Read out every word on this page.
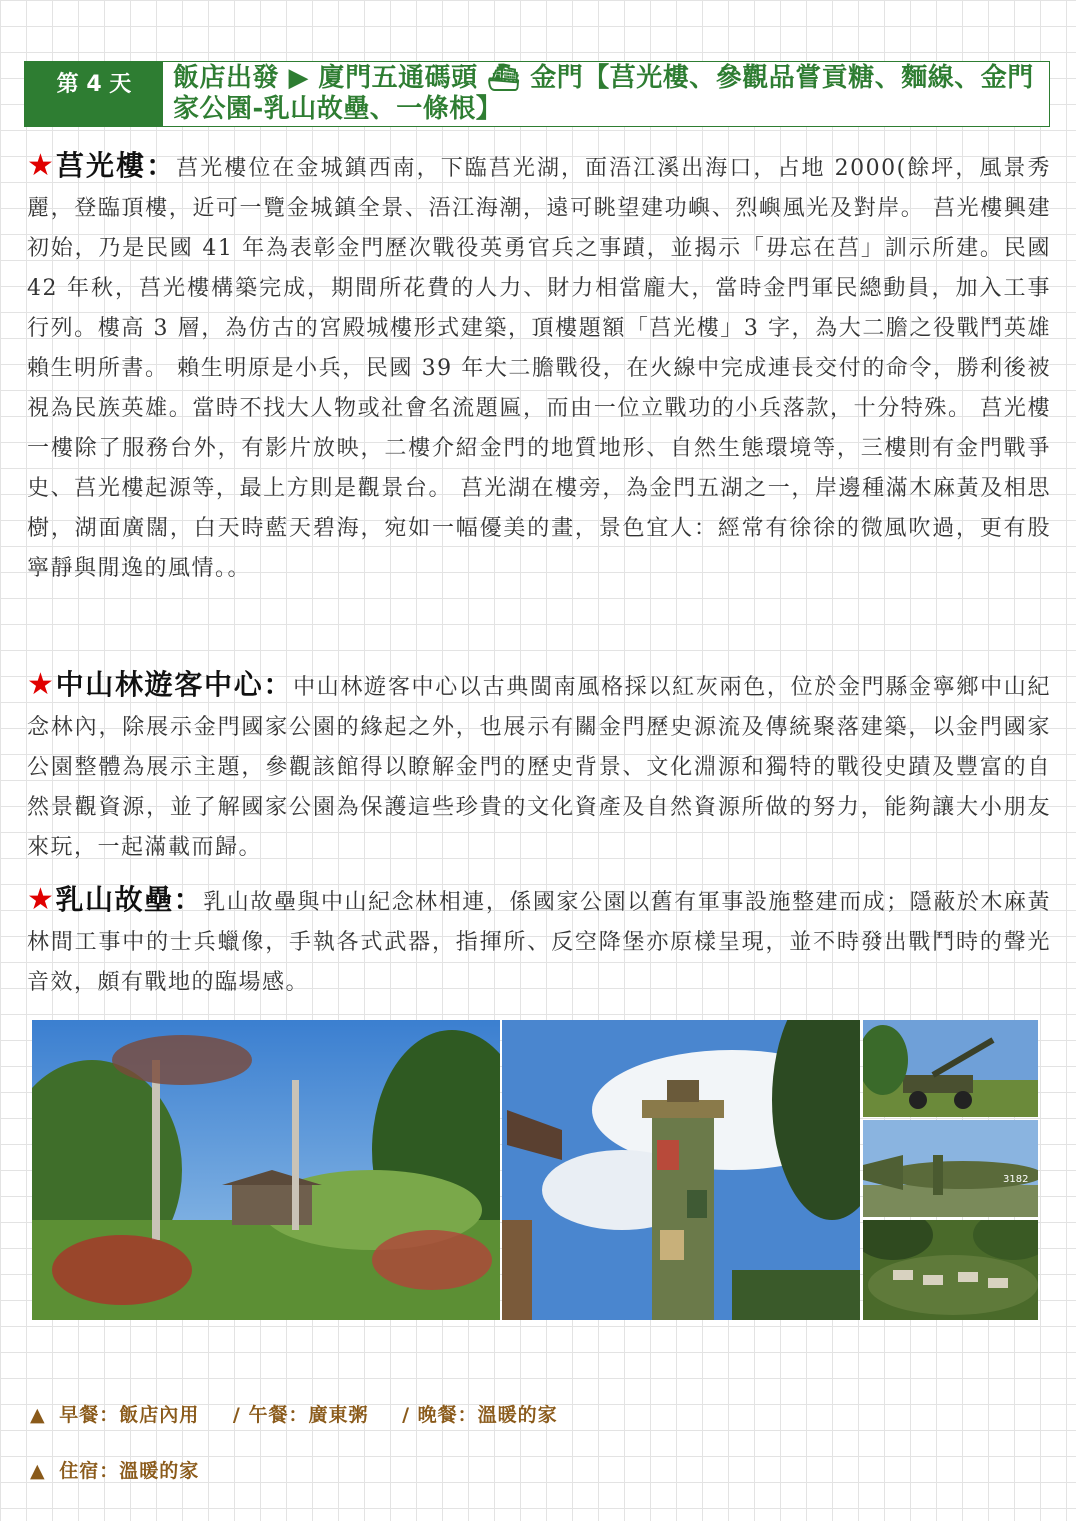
第 4 天	飯店出發 ▶ 廈門五通碼頭 ⛴ 金門【莒光樓、參觀品嘗貢糖、麵線、金門家公園-乳山故壘、一條根】
★莒光樓：莒光樓位在金城鎮西南，下臨莒光湖，面浯江溪出海口，占地 2000(餘坪，風景秀麗，登臨頂樓，近可一覽金城鎮全景、浯江海潮，遠可眺望建功嶼、烈嶼風光及對岸。 莒光樓興建初始，乃是民國 41 年為表彰金門歷次戰役英勇官兵之事蹟，並揭示「毋忘在莒」訓示所建。民國 42 年秋，莒光樓構築完成，期間所花費的人力、財力相當龐大，當時金門軍民總動員，加入工事行列。樓高 3 層，為仿古的宮殿城樓形式建築，頂樓題額「莒光樓」3 字，為大二膽之役戰鬥英雄賴生明所書。 賴生明原是小兵，民國 39 年大二膽戰役，在火線中完成連長交付的命令，勝利後被視為民族英雄。當時不找大人物或社會名流題匾，而由一位立戰功的小兵落款，十分特殊。 莒光樓一樓除了服務台外，有影片放映，二樓介紹金門的地質地形、自然生態環境等，三樓則有金門戰爭史、莒光樓起源等，最上方則是觀景台。 莒光湖在樓旁，為金門五湖之一，岸邊種滿木麻黃及相思樹，湖面廣闊，白天時藍天碧海，宛如一幅優美的畫，景色宜人：經常有徐徐的微風吹過，更有股寧靜與閒逸的風情。。
★中山林遊客中心：中山林遊客中心以古典閩南風格採以紅灰兩色，位於金門縣金寧鄉中山紀念林內，除展示金門國家公園的緣起之外，也展示有關金門歷史源流及傳統聚落建築，以金門國家公園整體為展示主題，參觀該館得以瞭解金門的歷史背景、文化淵源和獨特的戰役史蹟及豐富的自然景觀資源，並了解國家公園為保護這些珍貴的文化資產及自然資源所做的努力，能夠讓大小朋友來玩，一起滿載而歸。
★乳山故壘：乳山故壘與中山紀念林相連，係國家公園以舊有軍事設施整建而成；隱蔽於木麻黃林間工事中的士兵蠟像，手執各式武器，指揮所、反空降堡亦原樣呈現，並不時發出戰鬥時的聲光音效，頗有戰地的臨場感。
3182
▲ 早餐：飯店內用 / 午餐：廣東粥 / 晚餐：溫暖的家
▲ 住宿：溫暖的家
